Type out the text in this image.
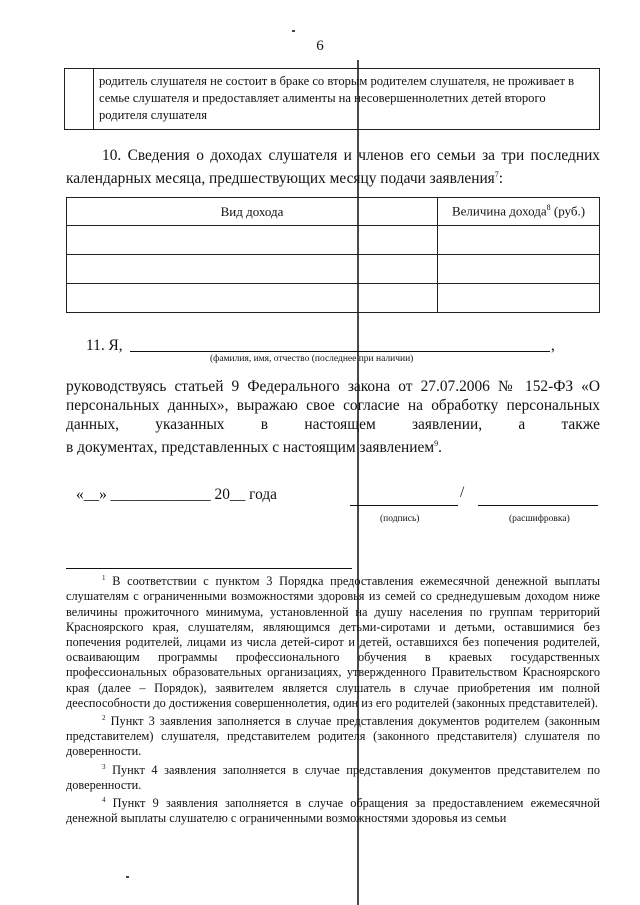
6
родитель слушателя не состоит в браке со вторым родителем слушателя, не проживает в семье слушателя и предоставляет алименты на несовершеннолетних детей второго родителя слушателя
10. Сведения о доходах слушателя и членов его семьи за три последних календарных месяца, предшествующих месяцу подачи заявления$^7$:
Вид дохода	Величина дохода$^8$ (руб.)

11. Я,	,
(фамилия, имя, отчество (последнее при наличии)
руководствуясь статьей 9 Федерального закона от 27.07.2006 № 152-ФЗ «О
персональных данных», выражаю свое согласие на обработку персональных
данных, указанных в настоящем заявлении, а также
в документах, представленных с настоящим заявлением$^9$.
«__» _____________ 20__ года	/
(подпись)	(расшифровка)

$^1$ В соответствии с пунктом 3 Порядка предоставления ежемесячной денежной выплаты слушателям с ограниченными возможностями здоровья из семей со среднедушевым доходом ниже величины прожиточного минимума, установленной на душу населения по группам территорий Красноярского края, слушателям, являющимся детьми-сиротами и детьми, оставшимися без попечения родителей, лицами из числа детей-сирот и детей, оставшихся без попечения родителей, осваивающим программы профессионального обучения в краевых государственных профессиональных образовательных организациях, утвержденного Правительством Красноярского края (далее – Порядок), заявителем является слушатель в случае приобретения им полной дееспособности до достижения совершеннолетия, один из его родителей (законных представителей).

$^2$ Пункт 3 заявления заполняется в случае представления документов родителем (законным представителем) слушателя, представителем родителя (законного представителя) слушателя по доверенности.

$^3$ Пункт 4 заявления заполняется в случае представления документов представителем по доверенности.

$^4$ Пункт 9 заявления заполняется в случае обращения за предоставлением ежемесячной денежной выплаты слушателю с ограниченными возможностями здоровья из семьи
